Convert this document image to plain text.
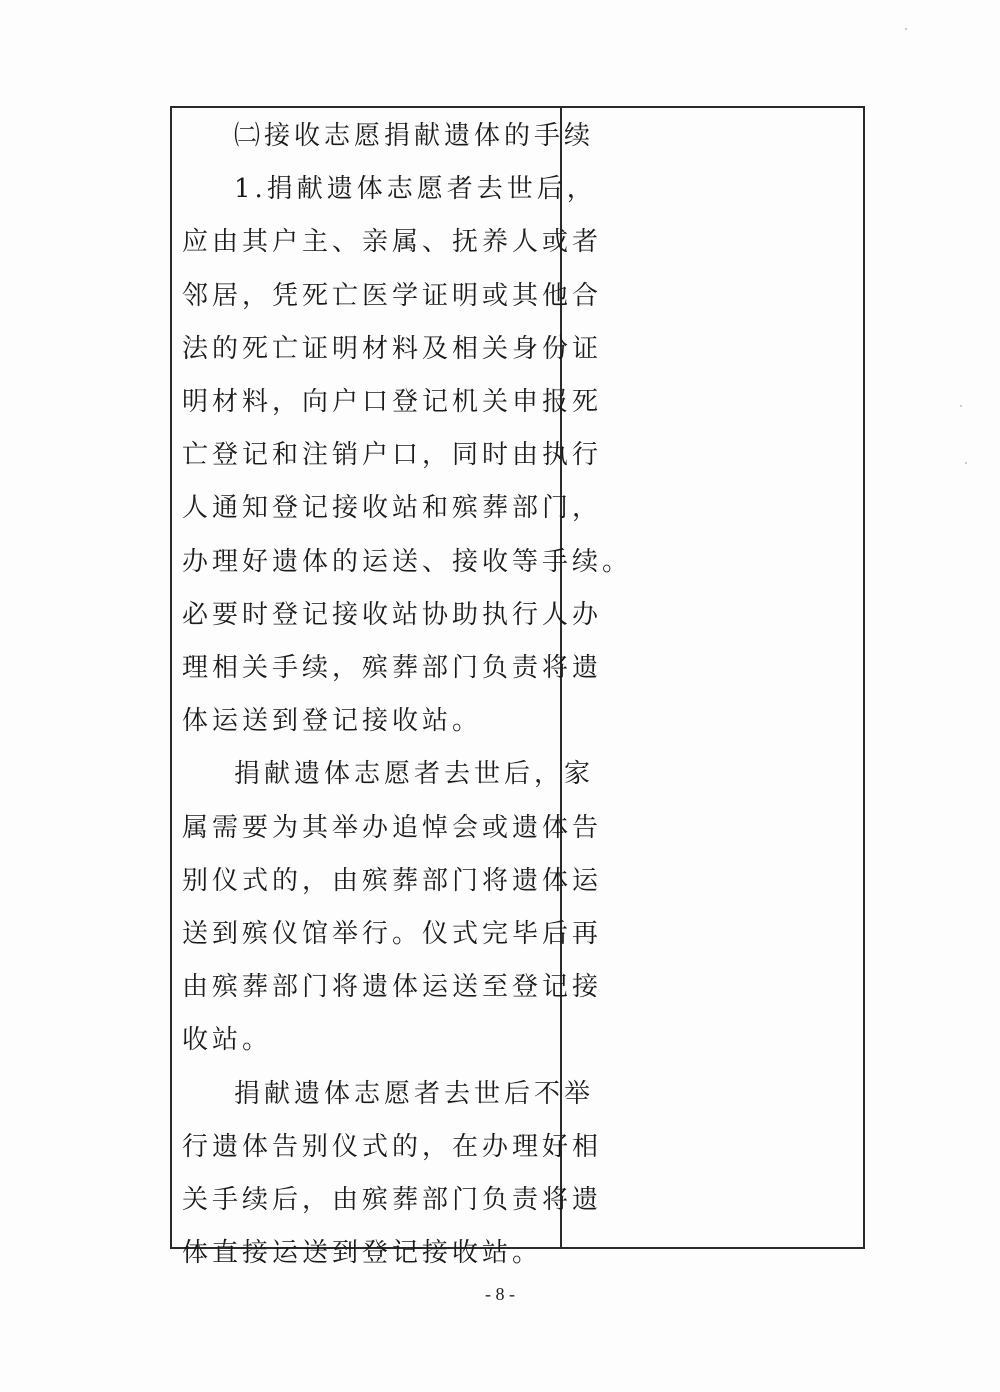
㈡接收志愿捐献遗体的手续
1.捐献遗体志愿者去世后，
应由其户主、亲属、抚养人或者
邻居，凭死亡医学证明或其他合
法的死亡证明材料及相关身份证
明材料，向户口登记机关申报死
亡登记和注销户口，同时由执行
人通知登记接收站和殡葬部门，
办理好遗体的运送、接收等手续。
必要时登记接收站协助执行人办
理相关手续，殡葬部门负责将遗
体运送到登记接收站。
捐献遗体志愿者去世后，家
属需要为其举办追悼会或遗体告
别仪式的，由殡葬部门将遗体运
送到殡仪馆举行。仪式完毕后再
由殡葬部门将遗体运送至登记接
收站。
捐献遗体志愿者去世后不举
行遗体告别仪式的，在办理好相
关手续后，由殡葬部门负责将遗
体直接运送到登记接收站。
- 8 -
